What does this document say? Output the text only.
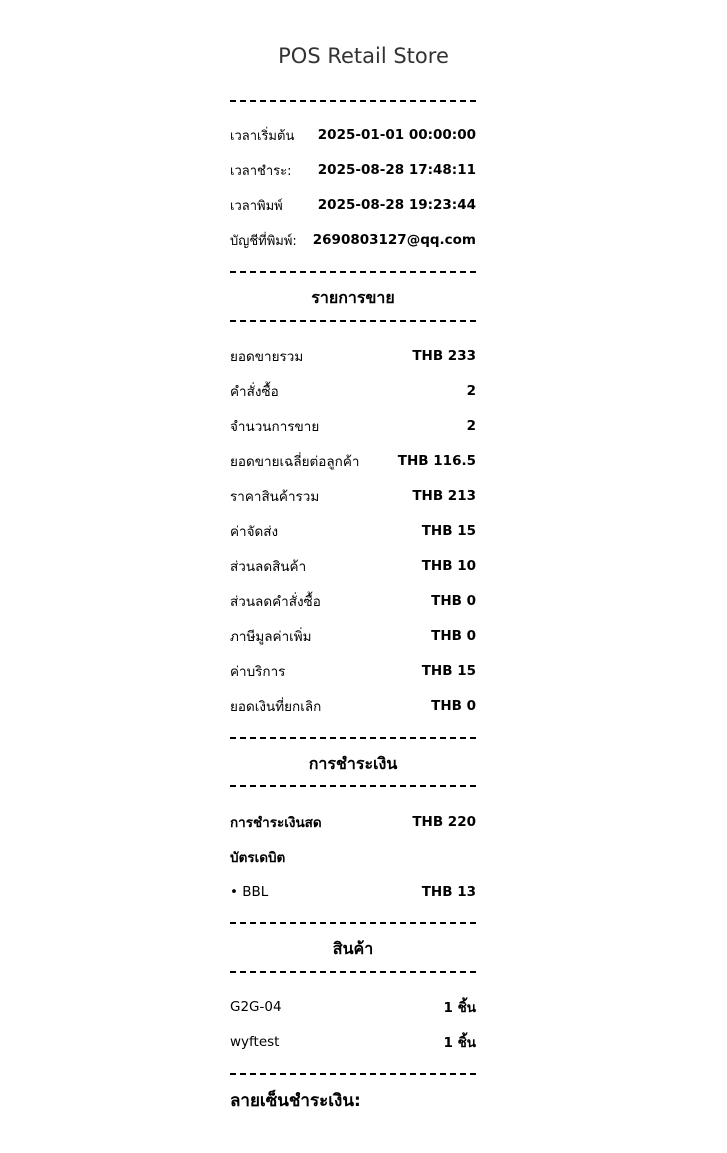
POS Retail Store
เวลาเริ่มต้น 2025-01-01 00:00:00
เวลาชำระ: 2025-08-28 17:48:11
เวลาพิมพ์	2025-08-28 19:23:44
บัญชีที่พิมพ์: 2690803127@qq.com
รายการขาย
ยอดขายรวม	THB 233
คำสั่งซื้อ	2
จำนวนการขาย	2
ยอดขายเฉลี่ยต่อลูกค้า	THB 116.5
ราคาสินค้ารวม	THB 213
ค่าจัดส่ง	THB 15
ส่วนลดสินค้า	THB 10
ส่วนลดคำสั่งซื้อ	THB 0
ภาษีมูลค่าเพิ่ม	THB 0
ค่าบริการ	THB 15
ยอดเงินที่ยกเลิก	THB 0
การชำระเงิน
การชำระเงินสด	THB 220
บัตรเดบิต
• BBL	THB 13
สินค้า
G2G-04	1 ชิ้น
wyftest	1 ชิ้น

ลายเซ็นชำระเงิน:
